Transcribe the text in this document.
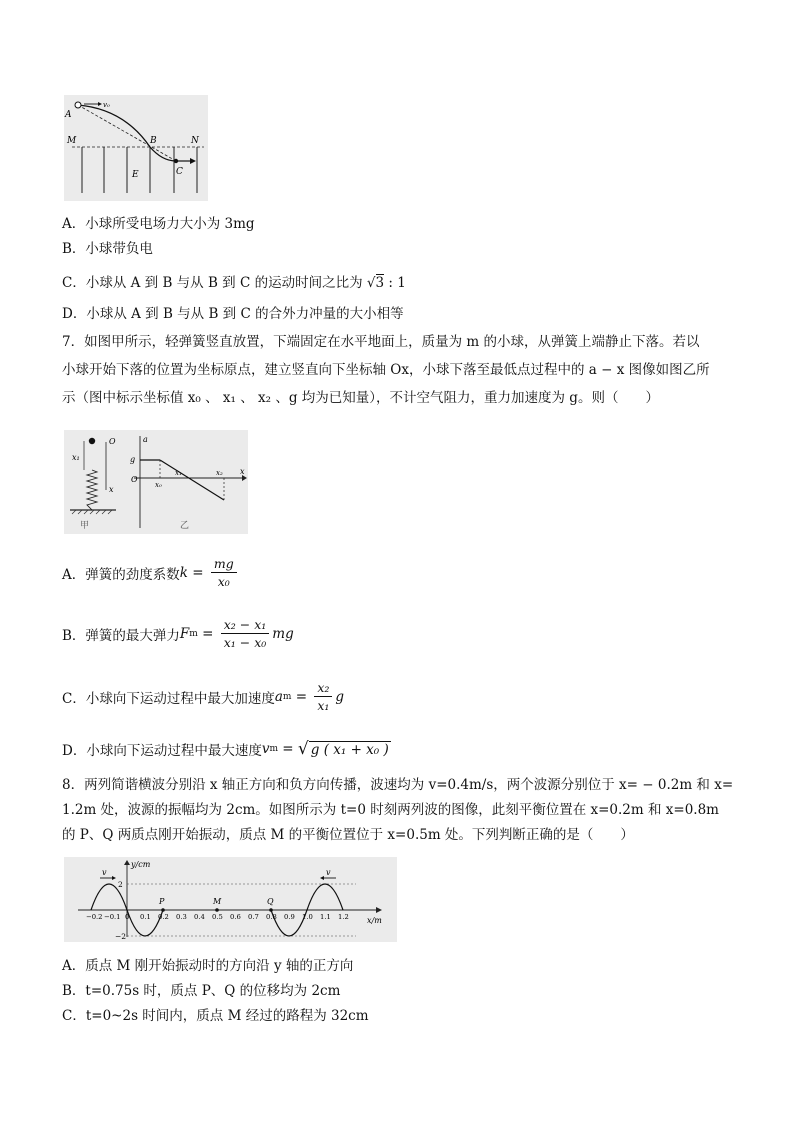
A
v₀
M	B	N
E	C
A．小球所受电场力大小为 3mg
B．小球带负电
C．小球从 A 到 B 与从 B 到 C 的运动时间之比为 √3 : 1
D．小球从 A 到 B 与从 B 到 C 的合外力冲量的大小相等
7．如图甲所示，轻弹簧竖直放置，下端固定在水平地面上，质量为 m 的小球，从弹簧上端静止下落。若以
小球开始下落的位置为坐标原点，建立竖直向下坐标轴 Ox，小球下落至最低点过程中的 a − x 图像如图乙所
示（图中标示坐标值 x₀ 、 x₁ 、 x₂ 、g 均为已知量），不计空气阻力，重力加速度为 g。则（　　）
x₁
O
x
甲
a
g
O
x
x₀
x₁	x₂
乙
A． 弹簧的劲度系数 $k = \frac{mg}{\text{x₀}}$
B． 弹簧的最大弹力 F $m = \frac{\text{x₂ − x₁}}{\text{x₁ − x₀}}$ mg
C． 小球向下运动过程中最大加速度 a $m = \frac{\text{x₂}}{\text{x₁}}$ g
D． 小球向下运动过程中最大速度 v m = √ g ( x₁ + x₀ )
8．两列简谐横波分别沿 x 轴正方向和负方向传播，波速均为 v=0.4m/s，两个波源分别位于 x= − 0.2m 和 x=
1.2m 处，波源的振幅均为 2cm。如图所示为 t=0 时刻两列波的图像，此刻平衡位置在 x=0.2m 和 x=0.8m
的 P、Q 两质点刚开始振动，质点 M 的平衡位置位于 x=0.5m 处。下列判断正确的是（　　）
y/cm
x/m
2
−2
v	v
P	M	Q
−0.2 −0.1 0 0.1 0.2 0.3 0.4 0.5 0.6 0.7 0.8 0.9 1.0 1.1 1.2
A．质点 M 刚开始振动时的方向沿 y 轴的正方向
B．t=0.75s 时，质点 P、Q 的位移均为 2cm
C．t=0~2s 时间内，质点 M 经过的路程为 32cm
